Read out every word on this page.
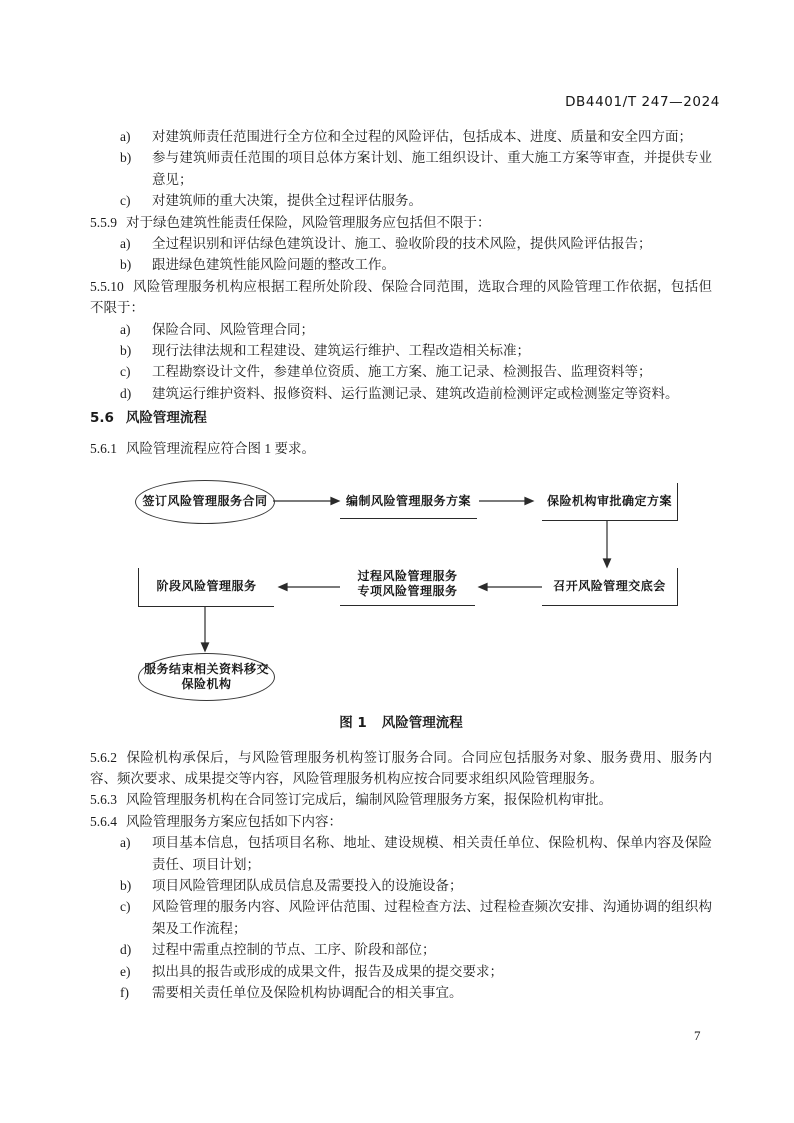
DB4401/T 247—2024
a) 对建筑师责任范围进行全方位和全过程的风险评估，包括成本、进度、质量和安全四方面；
b) 参与建筑师责任范围的项目总体方案计划、施工组织设计、重大施工方案等审查，并提供专业意见；
c) 对建筑师的重大决策，提供全过程评估服务。

5.5.9 对于绿色建筑性能责任保险，风险管理服务应包括但不限于：

a) 全过程识别和评估绿色建筑设计、施工、验收阶段的技术风险，提供风险评估报告；
b) 跟进绿色建筑性能风险问题的整改工作。

5.5.10 风险管理服务机构应根据工程所处阶段、保险合同范围，选取合理的风险管理工作依据，包括但不限于：

a) 保险合同、风险管理合同；
b) 现行法律法规和工程建设、建筑运行维护、工程改造相关标准；
c) 工程勘察设计文件，参建单位资质、施工方案、施工记录、检测报告、监理资料等；
d) 建筑运行维护资料、报修资料、运行监测记录、建筑改造前检测评定或检测鉴定等资料。

5.6 风险管理流程

5.6.1 风险管理流程应符合图 1 要求。

签订风险管理服务合同	编制风险管理服务方案	保险机构审批确定方案
阶段风险管理服务
过程风险管理服务
专项风险管理服务	召开风险管理交底会
服务结束相关资料移交
保险机构

图 1 风险管理流程

5.6.2 保险机构承保后，与风险管理服务机构签订服务合同。合同应包括服务对象、服务费用、服务内容、频次要求、成果提交等内容，风险管理服务机构应按合同要求组织风险管理服务。

5.6.3 风险管理服务机构在合同签订完成后，编制风险管理服务方案，报保险机构审批。

5.6.4 风险管理服务方案应包括如下内容：

a) 项目基本信息，包括项目名称、地址、建设规模、相关责任单位、保险机构、保单内容及保险责任、项目计划；
b) 项目风险管理团队成员信息及需要投入的设施设备；
c) 风险管理的服务内容、风险评估范围、过程检查方法、过程检查频次安排、沟通协调的组织构架及工作流程；
d) 过程中需重点控制的节点、工序、阶段和部位；
e) 拟出具的报告或形成的成果文件，报告及成果的提交要求；
f) 需要相关责任单位及保险机构协调配合的相关事宜。
7
